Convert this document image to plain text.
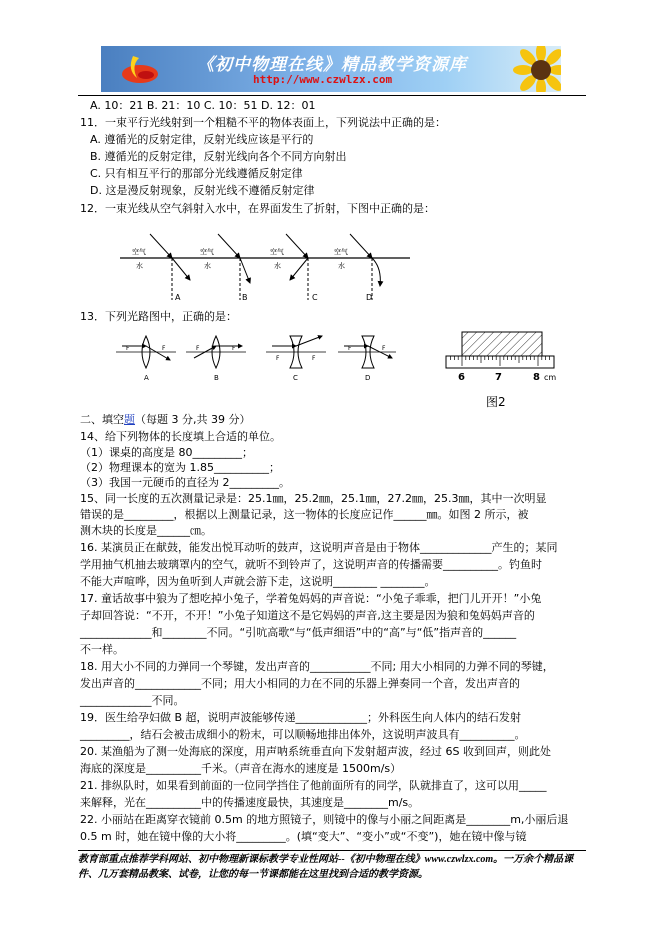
《初中物理在线》精品教学资源库
http://www.czwlzx.com
A. 10：21 B. 21：10 C. 10：51 D. 12：01
11．一束平行光线射到一个粗糙不平的物体表面上，下列说法中正确的是：
A. 遵循光的反射定律，反射光线应该是平行的
B. 遵循光的反射定律，反射光线向各个不同方向射出
C. 只有相互平行的那部分光线遵循反射定律
D. 这是漫反射现象，反射光线不遵循反射定律
12．一束光线从空气斜射入水中，在界面发生了折射，下图中正确的是：
空气
水
空气
水
空气
水
空气
水
A	B	C	D
13．下列光路图中，正确的是：
F	F
A
F	F
B
F	F
C
F	F
D	6	7	8 cm
图2
二、填空题（每题 3 分,共 39 分）
14、给下列物体的长度填上合适的单位。
（1）课桌的高度是 80_________；
（2）物理课本的宽为 1.85__________；
（3）我国一元硬币的直径为 2_________。
15、同一长度的五次测量记录是：25.1㎜，25.2㎜，25.1㎜，27.2㎜，25.3㎜，其中一次明显
错误的是_________，根据以上测量记录，这一物体的长度应记作______㎜。如图 2 所示，被
测木块的长度是______㎝。
16. 某演员正在献鼓，能发出悦耳动听的鼓声，这说明声音是由于物体_____________产生的；某同
学用抽气机抽去玻璃罩内的空气，就听不到铃声了，这说明声音的传播需要__________。钓鱼时
不能大声喧哗，因为鱼听到人声就会游下走，这说明________ ________。
17. 童话故事中狼为了想吃掉小兔子，学着兔妈妈的声音说：“小兔子乖乖，把门儿开开！”小兔
子却回答说：“不开，不开！”小兔子知道这不是它妈妈的声音,这主要是因为狼和兔妈妈声音的
_____________和________不同。“引吭高歌“与“低声细语”中的“高”与“低”指声音的______
不一样。
18. 用大小不同的力弹同一个琴键，发出声音的___________不同; 用大小相同的力弹不同的琴键，
发出声音的____________不同；用大小相同的力在不同的乐器上弹奏同一个音，发出声音的
_____________不同。
19．医生给孕妇做 B 超，说明声波能够传递_____________；外科医生向人体内的结石发射
_________，结石会被击成细小的粉末，可以顺畅地排出体外，这说明声波具有__________。
20. 某渔船为了测一处海底的深度，用声呐系统垂直向下发射超声波，经过 6S 收到回声，则此处
海底的深度是__________千米。（声音在海水的速度是 1500m/s）
21. 排纵队时，如果看到前面的一位同学挡住了他前面所有的同学，队就排直了，这可以用_____
来解释，光在__________中的传播速度最快，其速度是________m/s。
22. 小丽站在距离穿衣镜前 0.5m 的地方照镜子，则镜中的像与小丽之间距离是________m,小丽后退
0.5 m 时，她在镜中像的大小将_________。(填“变大”、“变小”或“不变”)，她在镜中像与镜
教育部重点推荐学科网站、初中物理新课标教学专业性网站--《初中物理在线》www.czwlzx.com。一万余个精品课
件、几万套精品教案、试卷，让您的每一节课都能在这里找到合适的教学资源。
